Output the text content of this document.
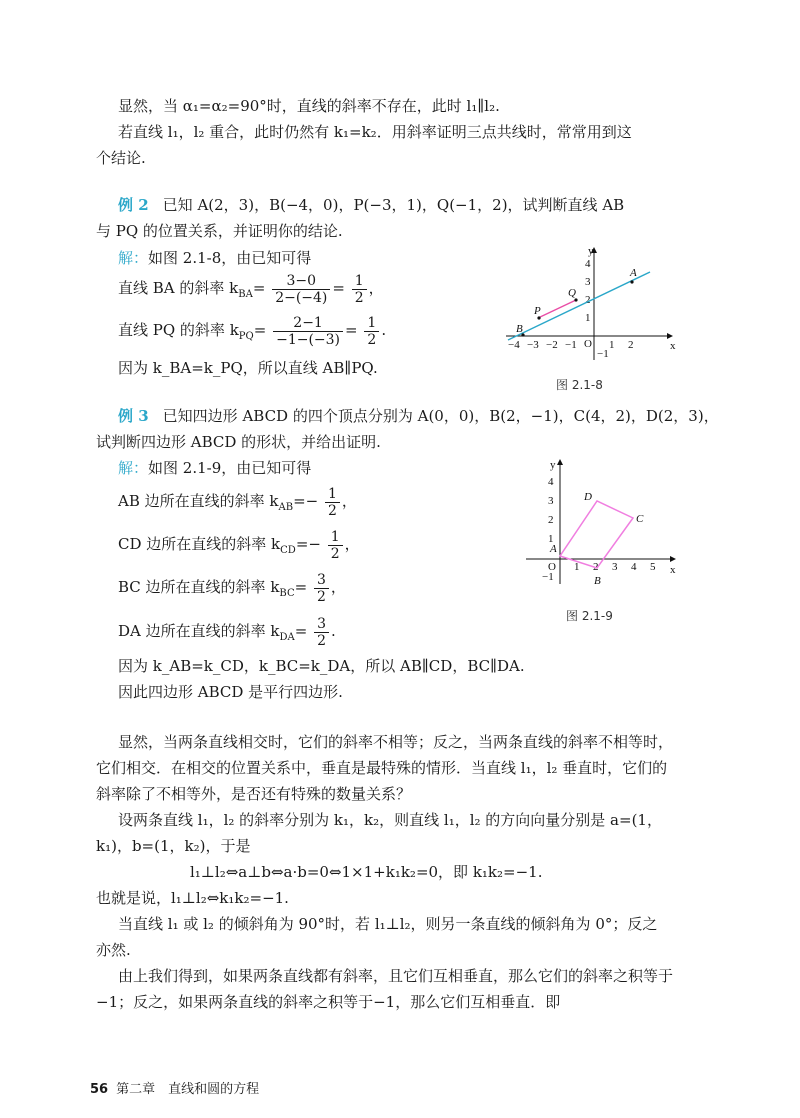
显然，当 α₁=α₂=90°时，直线的斜率不存在，此时 l₁∥l₂.
若直线 l₁，l₂ 重合，此时仍然有 k₁=k₂．用斜率证明三点共线时，常常用到这
个结论.
例 2 已知 A(2，3)，B(−4，0)，P(−3，1)，Q(−1，2)，试判断直线 AB
与 PQ 的位置关系，并证明你的结论.
解：如图 2.1-8，由已知可得
直线 BA 的斜率 $k_{BA}= \frac{3-0}{2-(-4)} = \frac{1}{2}$ ，
直线 PQ 的斜率 $k_{PQ}= \frac{2-1}{-1-(-3)} = \frac{1}{2}$ .
因为 k_BA=k_PQ，所以直线 AB∥PQ.
x
y
O
−4 −3 −2 −1	1 2
1
2
3
4
−1
A
B
P
Q
图 2.1-8
例 3 已知四边形 ABCD 的四个顶点分别为 A(0，0)，B(2，−1)，C(4，2)，D(2，3)，
试判断四边形 ABCD 的形状，并给出证明.
解：如图 2.1-9，由已知可得
AB 边所在直线的斜率 $k_{AB}=- \frac{1}{2}$ ，
CD 边所在直线的斜率 $k_{CD}=- \frac{1}{2}$ ，
BC 边所在直线的斜率 $k_{BC}= \frac{3}{2}$ ，
DA 边所在直线的斜率 $k_{DA}= \frac{3}{2}$ .
因为 k_AB=k_CD，k_BC=k_DA，所以 AB∥CD，BC∥DA.
因此四边形 ABCD 是平行四边形.
x
y
O 1 2 3 4 5
1
2
3
4
−1
A
B
C
D
图 2.1-9
显然，当两条直线相交时，它们的斜率不相等；反之，当两条直线的斜率不相等时，
它们相交．在相交的位置关系中，垂直是最特殊的情形．当直线 l₁，l₂ 垂直时，它们的
斜率除了不相等外，是否还有特殊的数量关系？
设两条直线 l₁，l₂ 的斜率分别为 k₁，k₂，则直线 l₁，l₂ 的方向向量分别是 a=(1，
k₁)，b=(1，k₂)，于是
l₁⊥l₂⇔a⊥b⇔a·b=0⇔1×1+k₁k₂=0，即 k₁k₂=−1.
也就是说，l₁⊥l₂⇔k₁k₂=−1.
当直线 l₁ 或 l₂ 的倾斜角为 90°时，若 l₁⊥l₂，则另一条直线的倾斜角为 0°；反之
亦然.
由上我们得到，如果两条直线都有斜率，且它们互相垂直，那么它们的斜率之积等于
−1；反之，如果两条直线的斜率之积等于−1，那么它们互相垂直．即
56 第二章　直线和圆的方程
